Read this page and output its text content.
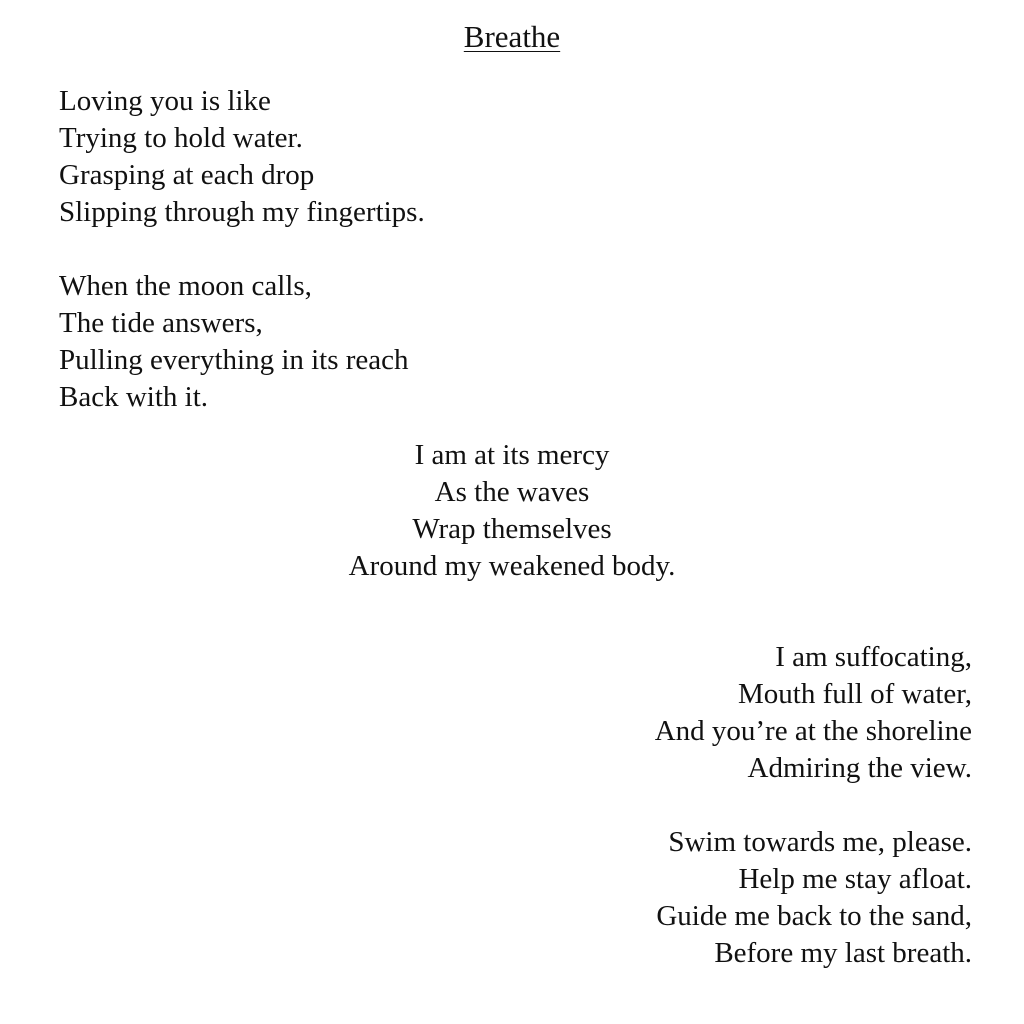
Breathe
Loving you is like
Trying to hold water.
Grasping at each drop
Slipping through my fingertips.
When the moon calls,
The tide answers,
Pulling everything in its reach
Back with it.
I am at its mercy
As the waves
Wrap themselves
Around my weakened body.
I am suffocating,
Mouth full of water,
And you’re at the shoreline
Admiring the view.
Swim towards me, please.
Help me stay afloat.
Guide me back to the sand,
Before my last breath.
